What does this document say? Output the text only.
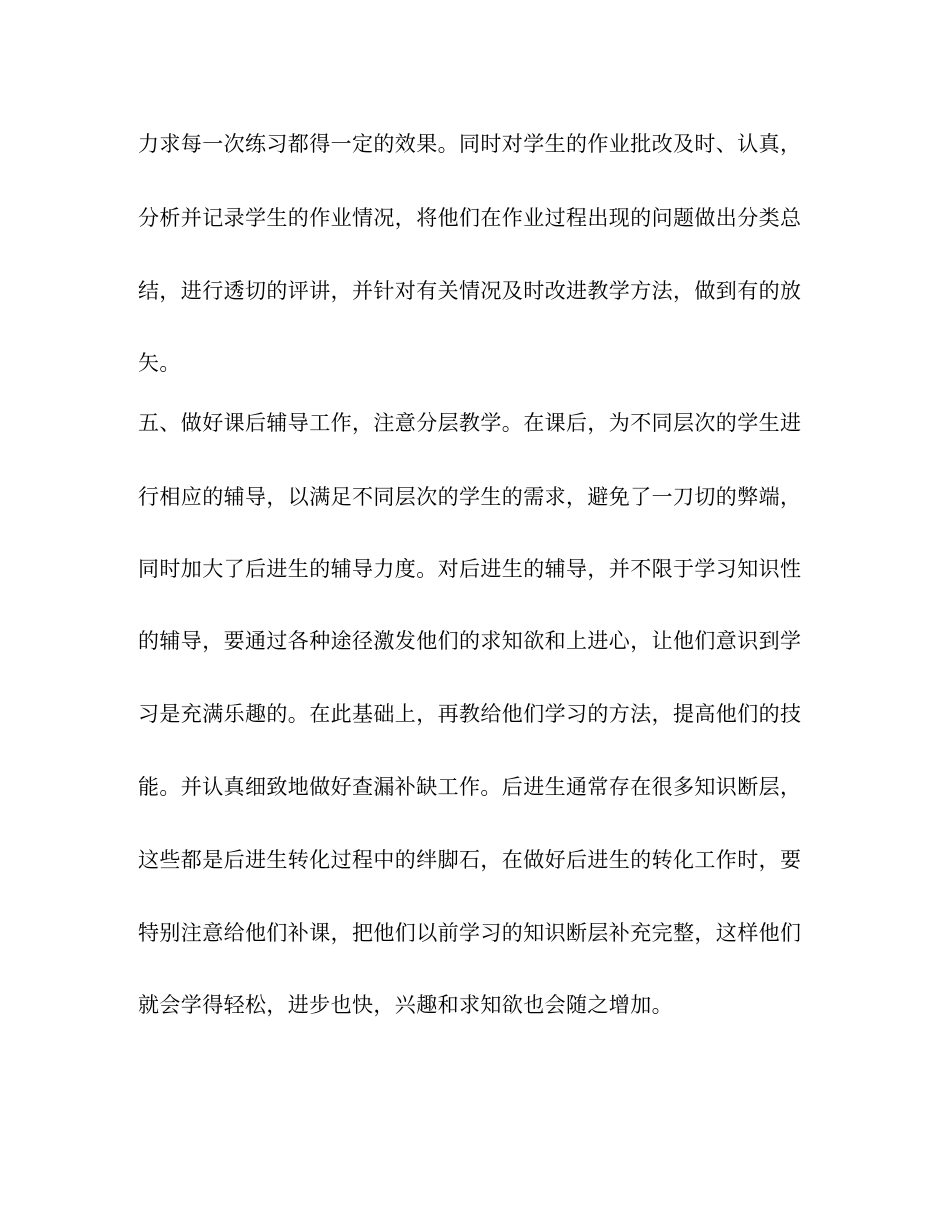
力求每一次练习都得一定的效果。同时对学生的作业批改及时、认真，
分析并记录学生的作业情况，将他们在作业过程出现的问题做出分类总
结，进行透切的评讲，并针对有关情况及时改进教学方法，做到有的放
矢。
五、做好课后辅导工作，注意分层教学。在课后，为不同层次的学生进
行相应的辅导，以满足不同层次的学生的需求，避免了一刀切的弊端，
同时加大了后进生的辅导力度。对后进生的辅导，并不限于学习知识性
的辅导，要通过各种途径激发他们的求知欲和上进心，让他们意识到学
习是充满乐趣的。在此基础上，再教给他们学习的方法，提高他们的技
能。并认真细致地做好查漏补缺工作。后进生通常存在很多知识断层，
这些都是后进生转化过程中的绊脚石，在做好后进生的转化工作时，要
特别注意给他们补课，把他们以前学习的知识断层补充完整，这样他们
就会学得轻松，进步也快，兴趣和求知欲也会随之增加。
